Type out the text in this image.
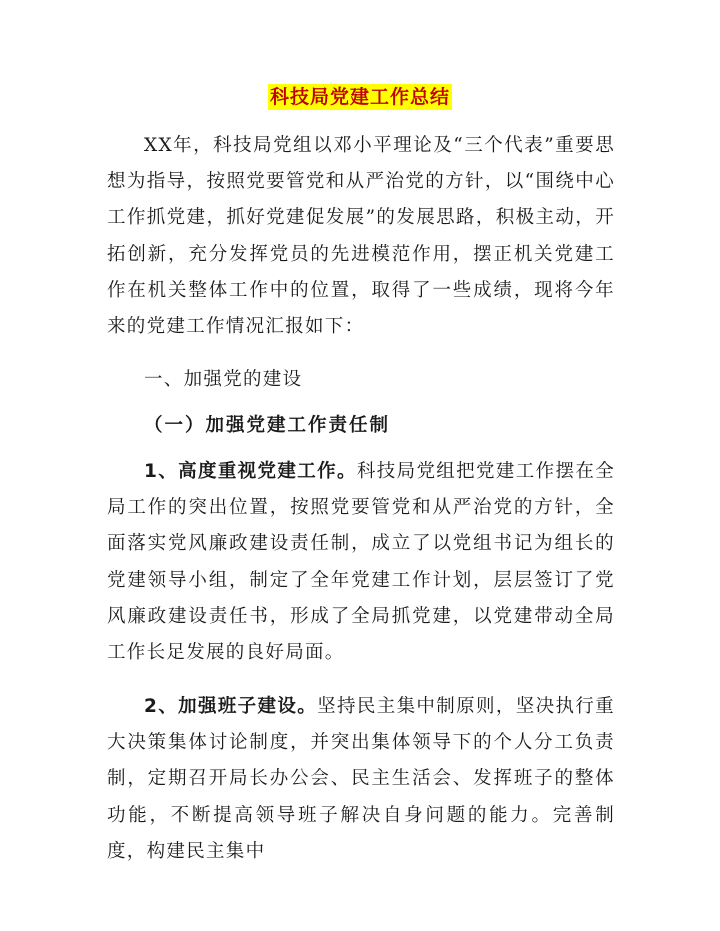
科技局党建工作总结

XX年，科技局党组以邓小平理论及“三个代表”重要思想为指导，按照党要管党和从严治党的方针，以“围绕中心工作抓党建，抓好党建促发展”的发展思路，积极主动，开拓创新，充分发挥党员的先进模范作用，摆正机关党建工作在机关整体工作中的位置，取得了一些成绩，现将今年来的党建工作情况汇报如下：

一、加强党的建设

（一）加强党建工作责任制

1、高度重视党建工作。科技局党组把党建工作摆在全局工作的突出位置，按照党要管党和从严治党的方针，全面落实党风廉政建设责任制，成立了以党组书记为组长的党建领导小组，制定了全年党建工作计划，层层签订了党风廉政建设责任书，形成了全局抓党建，以党建带动全局工作长足发展的良好局面。

2、加强班子建设。坚持民主集中制原则，坚决执行重大决策集体讨论制度，并突出集体领导下的个人分工负责制，定期召开局长办公会、民主生活会、发挥班子的整体功能，不断提高领导班子解决自身问题的能力。完善制度，构建民主集中
